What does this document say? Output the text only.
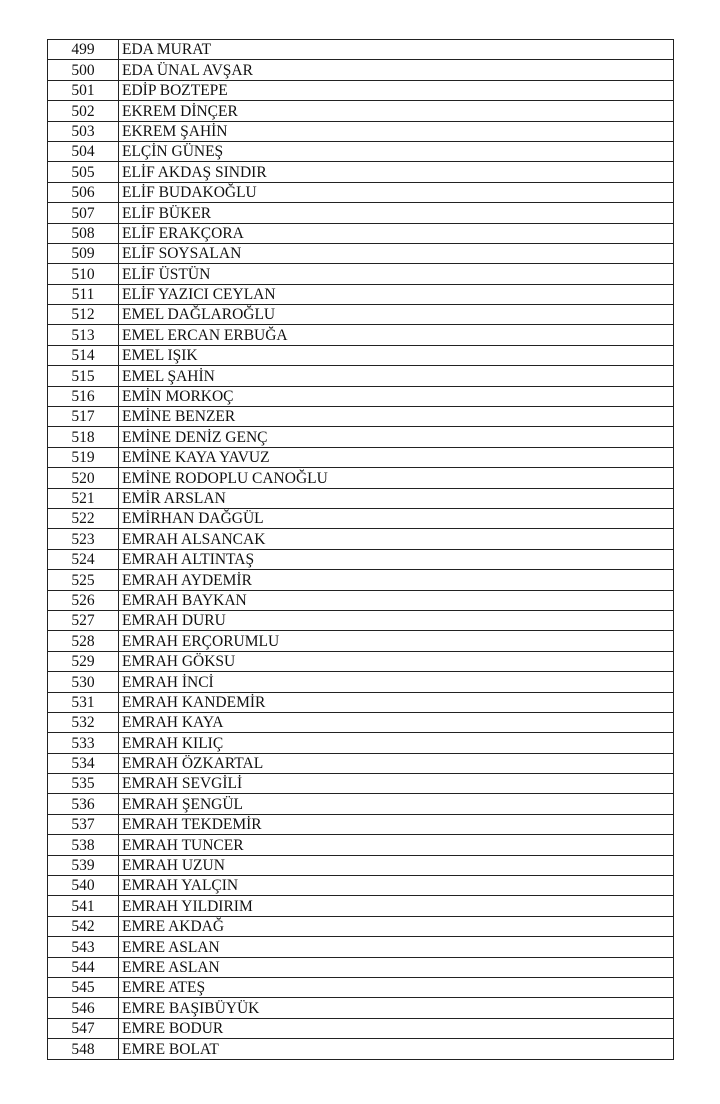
499	EDA MURAT
500	EDA ÜNAL AVŞAR
501	EDİP BOZTEPE
502	EKREM DİNÇER
503	EKREM ŞAHİN
504	ELÇİN GÜNEŞ
505	ELİF AKDAŞ SINDIR
506	ELİF BUDAKOĞLU
507	ELİF BÜKER
508	ELİF ERAKÇORA
509	ELİF SOYSALAN
510	ELİF ÜSTÜN
511	ELİF YAZICI CEYLAN
512	EMEL DAĞLAROĞLU
513	EMEL ERCAN ERBUĞA
514	EMEL IŞIK
515	EMEL ŞAHİN
516	EMİN MORKOÇ
517	EMİNE BENZER
518	EMİNE DENİZ GENÇ
519	EMİNE KAYA YAVUZ
520	EMİNE RODOPLU CANOĞLU
521	EMİR ARSLAN
522	EMİRHAN DAĞGÜL
523	EMRAH ALSANCAK
524	EMRAH ALTINTAŞ
525	EMRAH AYDEMİR
526	EMRAH BAYKAN
527	EMRAH DURU
528	EMRAH ERÇORUMLU
529	EMRAH GÖKSU
530	EMRAH İNCİ
531	EMRAH KANDEMİR
532	EMRAH KAYA
533	EMRAH KILIÇ
534	EMRAH ÖZKARTAL
535	EMRAH SEVGİLİ
536	EMRAH ŞENGÜL
537	EMRAH TEKDEMİR
538	EMRAH TUNCER
539	EMRAH UZUN
540	EMRAH YALÇIN
541	EMRAH YILDIRIM
542	EMRE AKDAĞ
543	EMRE ASLAN
544	EMRE ASLAN
545	EMRE ATEŞ
546	EMRE BAŞIBÜYÜK
547	EMRE BODUR
548	EMRE BOLAT
